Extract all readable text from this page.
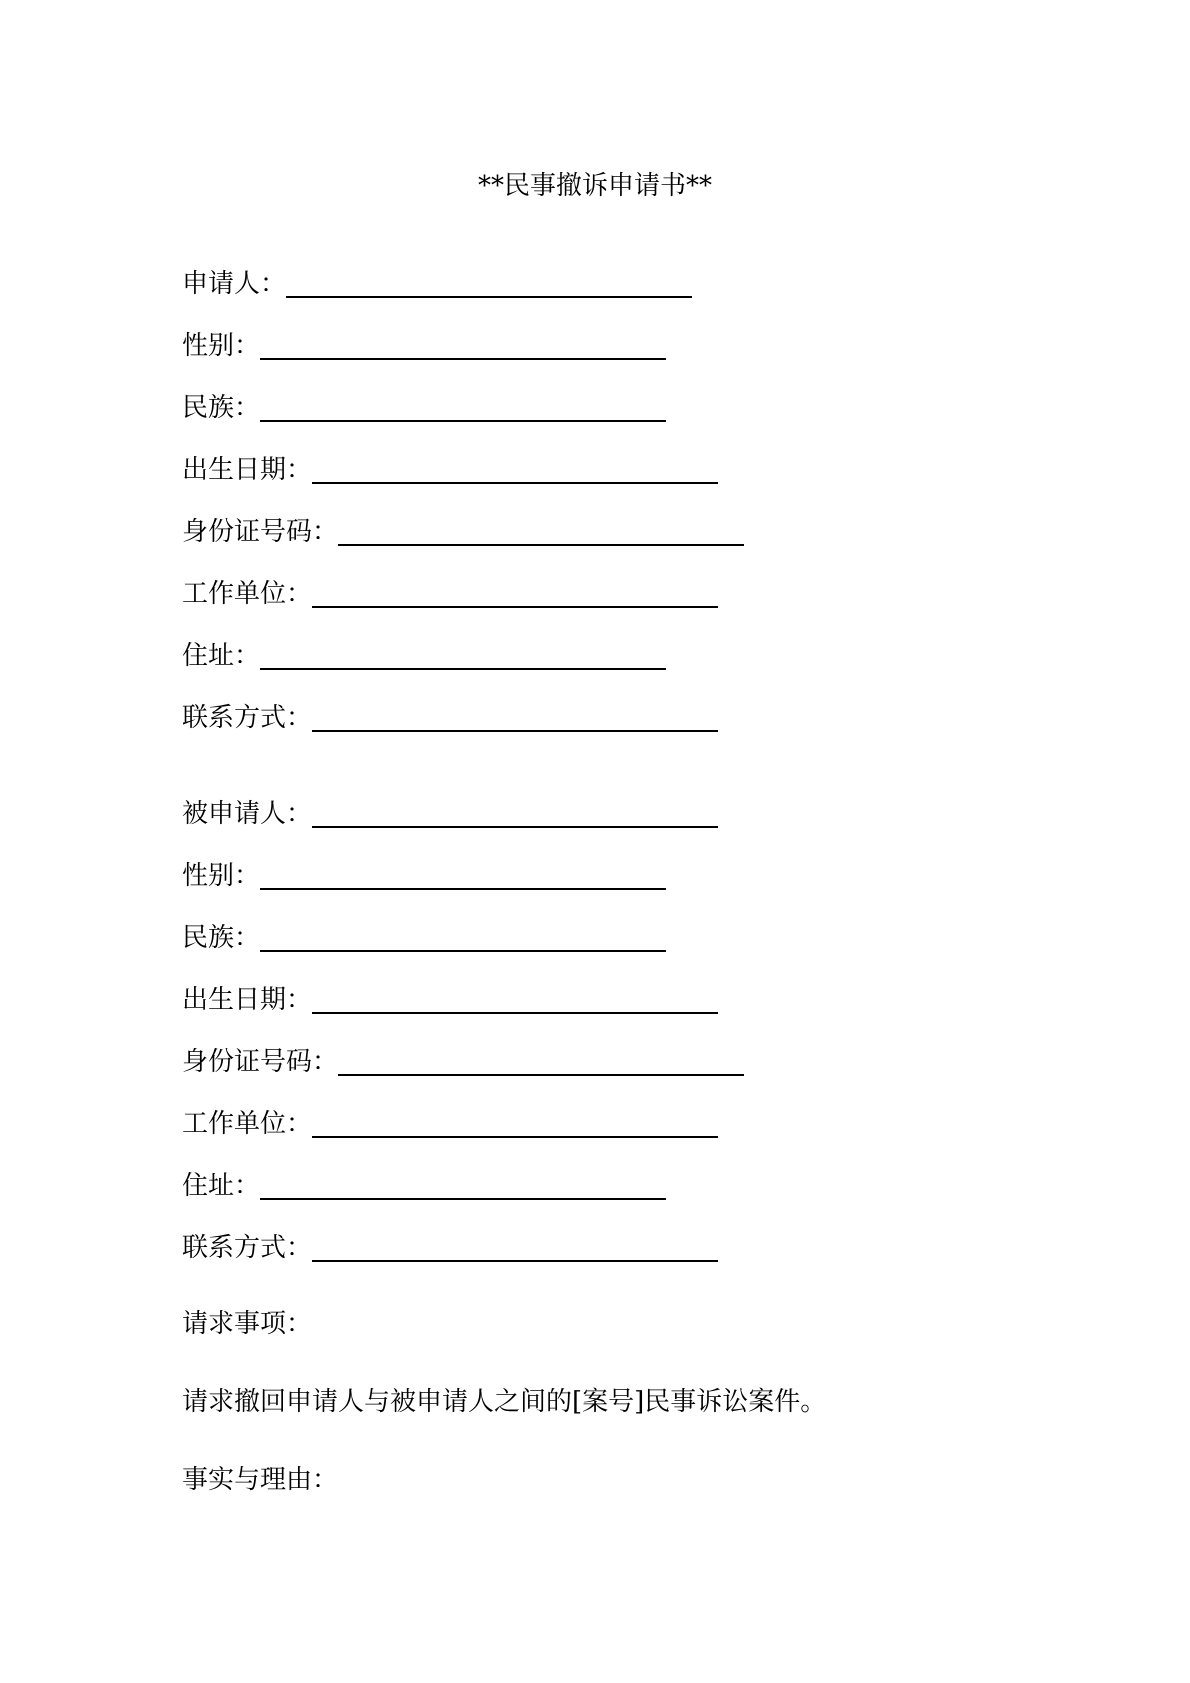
**民事撤诉申请书**
申请人：
性别：
民族：
出生日期：
身份证号码：
工作单位：
住址：
联系方式：
被申请人：
性别：
民族：
出生日期：
身份证号码：
工作单位：
住址：
联系方式：

请求事项：

请求撤回申请人与被申请人之间的[案号]民事诉讼案件。

事实与理由：
